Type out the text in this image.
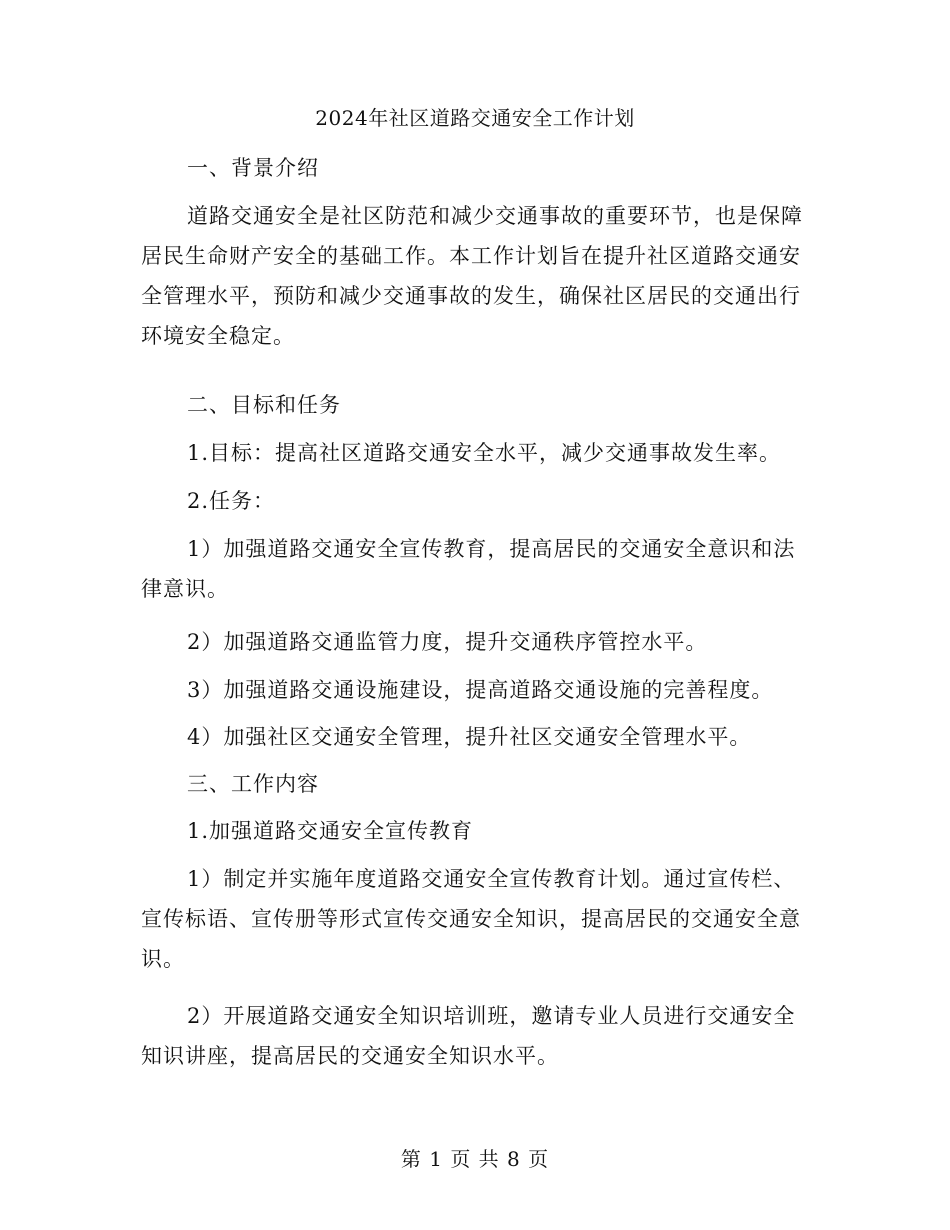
2024年社区道路交通安全工作计划

一、背景介绍

道路交通安全是社区防范和减少交通事故的重要环节，也是保障居民生命财产安全的基础工作。本工作计划旨在提升社区道路交通安全管理水平，预防和减少交通事故的发生，确保社区居民的交通出行环境安全稳定。

二、目标和任务

1.目标：提高社区道路交通安全水平，减少交通事故发生率。

2.任务：

1）加强道路交通安全宣传教育，提高居民的交通安全意识和法律意识。

2）加强道路交通监管力度，提升交通秩序管控水平。

3）加强道路交通设施建设，提高道路交通设施的完善程度。

4）加强社区交通安全管理，提升社区交通安全管理水平。

三、工作内容

1.加强道路交通安全宣传教育

1）制定并实施年度道路交通安全宣传教育计划。通过宣传栏、宣传标语、宣传册等形式宣传交通安全知识，提高居民的交通安全意识。

2）开展道路交通安全知识培训班，邀请专业人员进行交通安全知识讲座，提高居民的交通安全知识水平。

第 1 页 共 8 页
